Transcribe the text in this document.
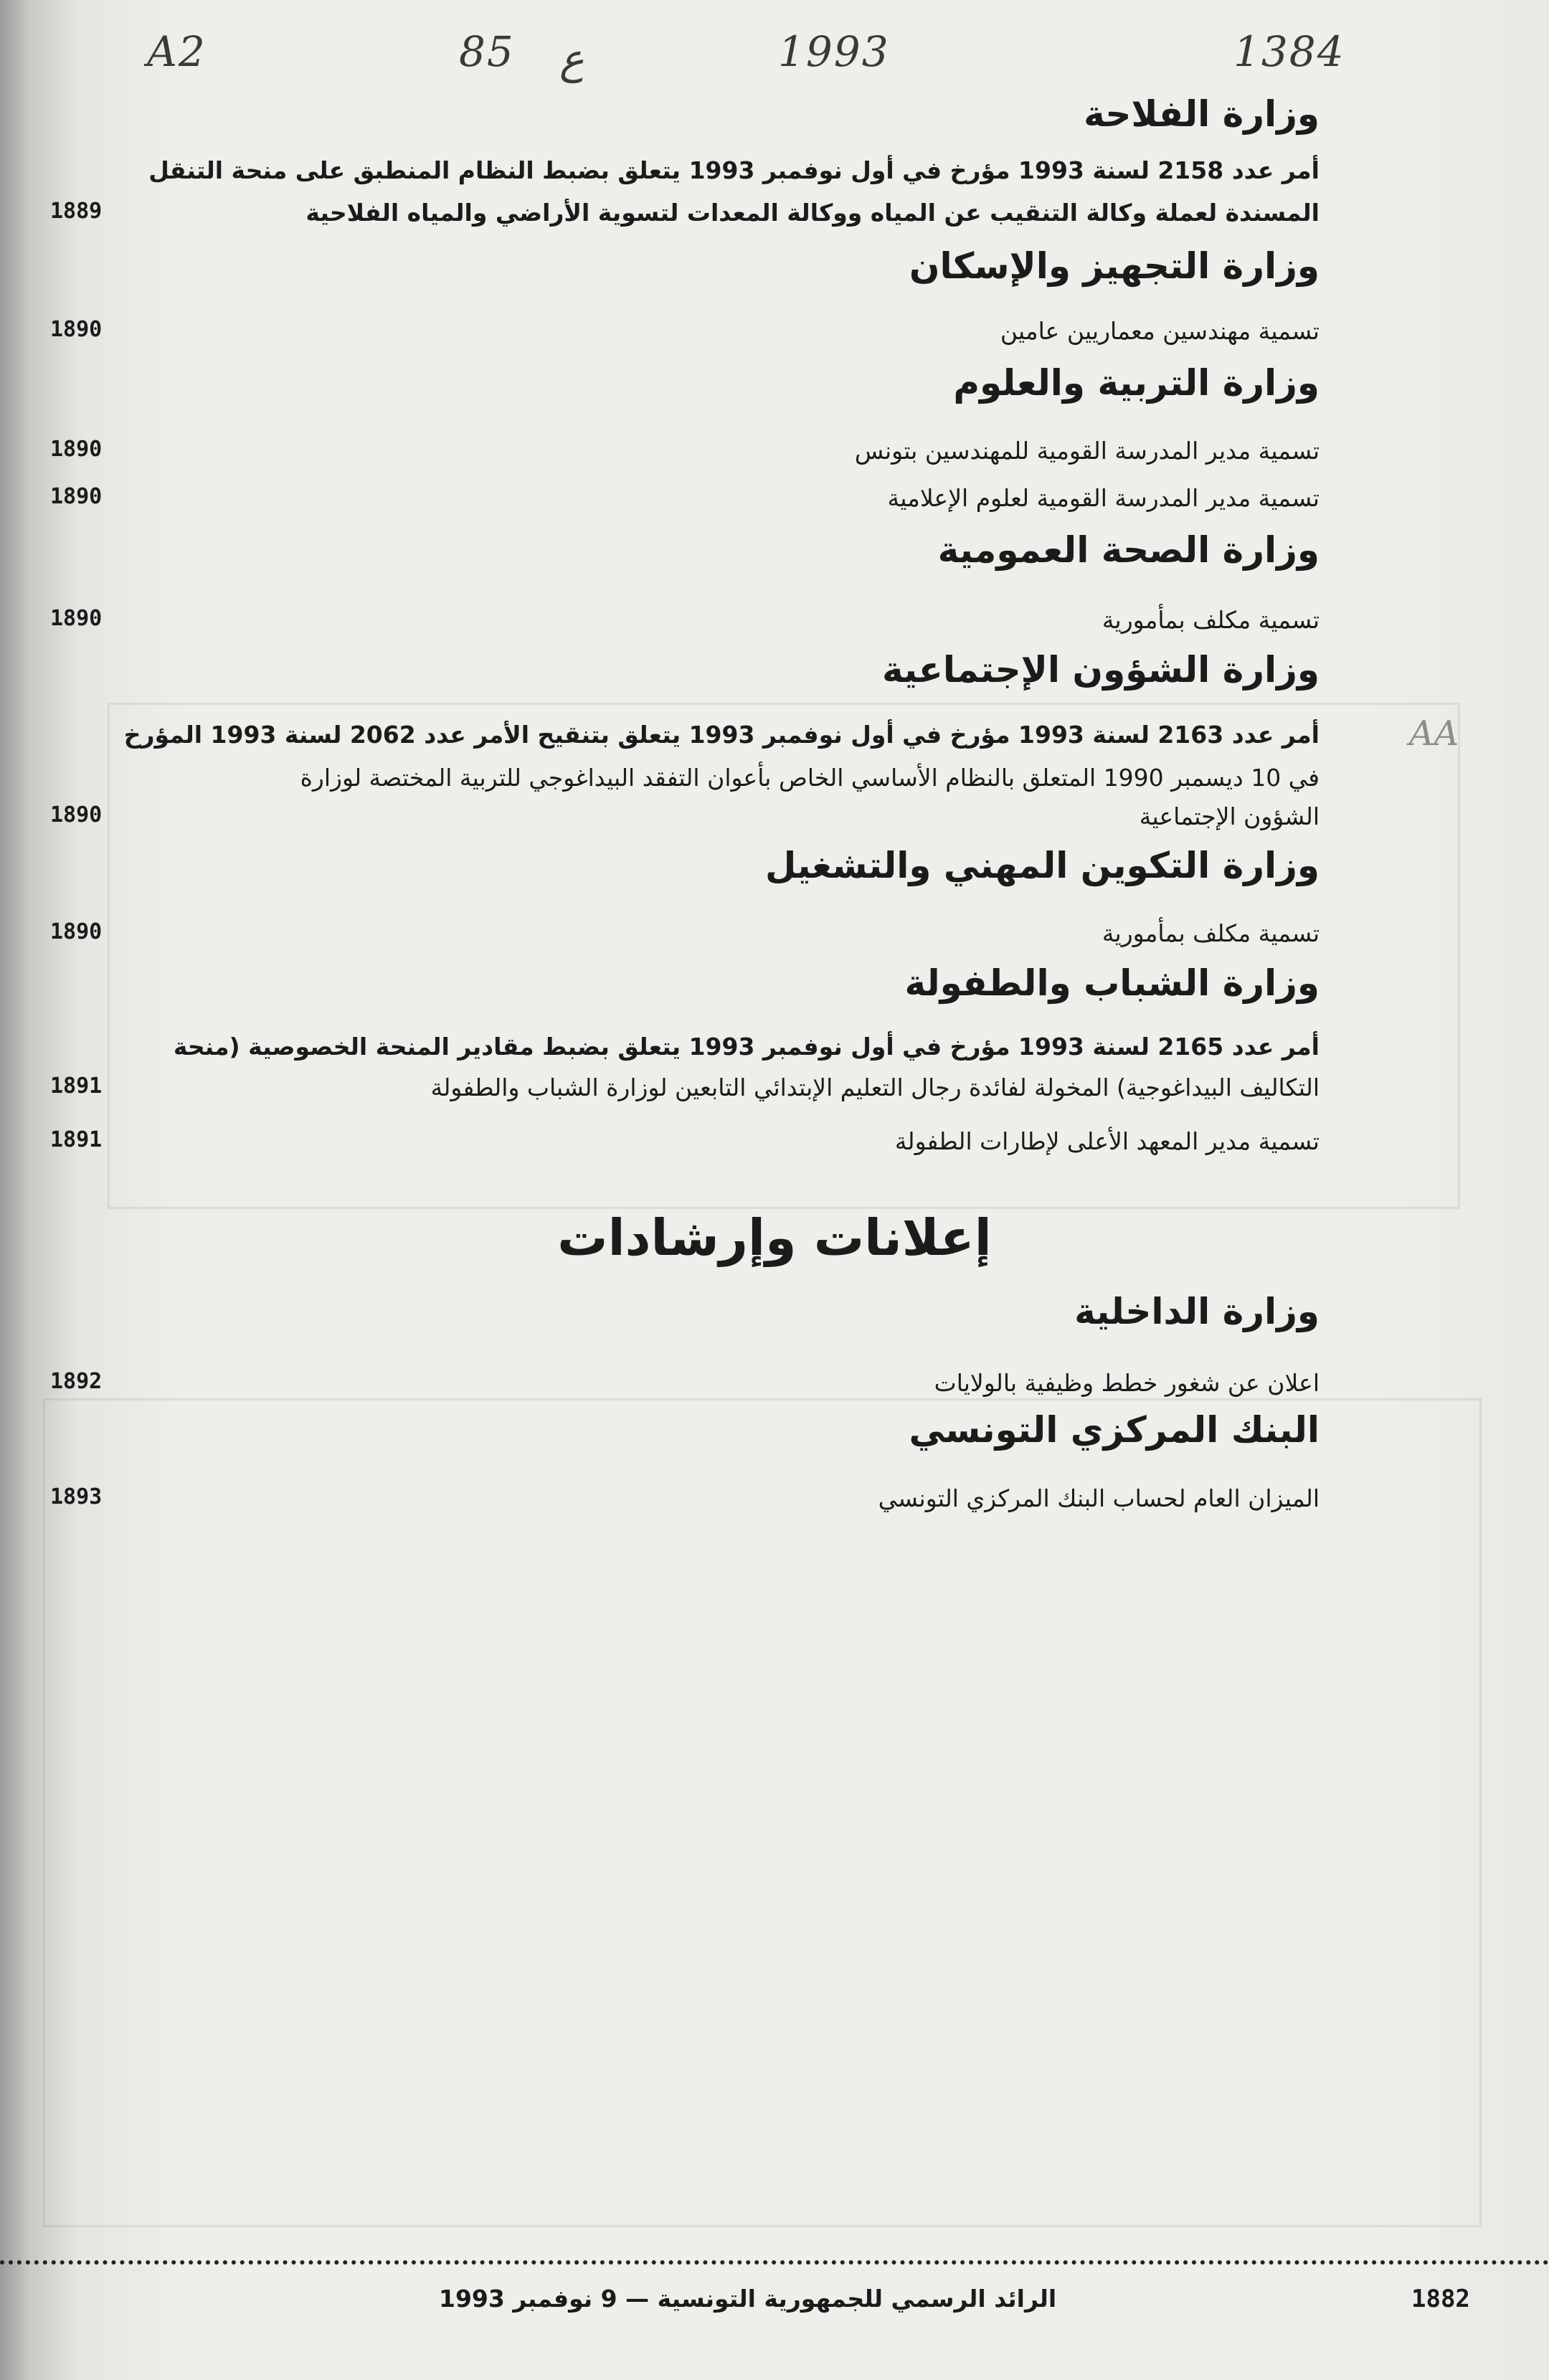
A2	85	1993	1384
ع
AA
وزارة الفلاحة
أمر عدد 2158 لسنة 1993 مؤرخ في أول نوفمبر 1993 يتعلق بضبط النظام المنطبق على منحة التنقل
المسندة لعملة وكالة التنقيب عن المياه ووكالة المعدات لتسوية الأراضي والمياه الفلاحية
1889
وزارة التجهيز والإسكان
تسمية مهندسين معماريين عامين
1890
وزارة التربية والعلوم
تسمية مدير المدرسة القومية للمهندسين بتونس
1890
تسمية مدير المدرسة القومية لعلوم الإعلامية
1890
وزارة الصحة العمومية
تسمية مكلف بمأمورية
1890
وزارة الشؤون الإجتماعية
أمر عدد 2163 لسنة 1993 مؤرخ في أول نوفمبر 1993 يتعلق بتنقيح الأمر عدد 2062 لسنة 1993 المؤرخ
في 10 ديسمبر 1990 المتعلق بالنظام الأساسي الخاص بأعوان التفقد البيداغوجي للتربية المختصة لوزارة
الشؤون الإجتماعية
1890
وزارة التكوين المهني والتشغيل
تسمية مكلف بمأمورية
1890
وزارة الشباب والطفولة
أمر عدد 2165 لسنة 1993 مؤرخ في أول نوفمبر 1993 يتعلق بضبط مقادير المنحة الخصوصية (منحة
التكاليف البيداغوجية) المخولة لفائدة رجال التعليم الإبتدائي التابعين لوزارة الشباب والطفولة
1891
تسمية مدير المعهد الأعلى لإطارات الطفولة
1891
وزارة الداخلية
اعلان عن شغور خطط وظيفية بالولايات
1892
البنك المركزي التونسي
الميزان العام لحساب البنك المركزي التونسي
1893
إعلانات وإرشادات
الرائد الرسمي للجمهورية التونسية — 9 نوفمبر 1993	1882
